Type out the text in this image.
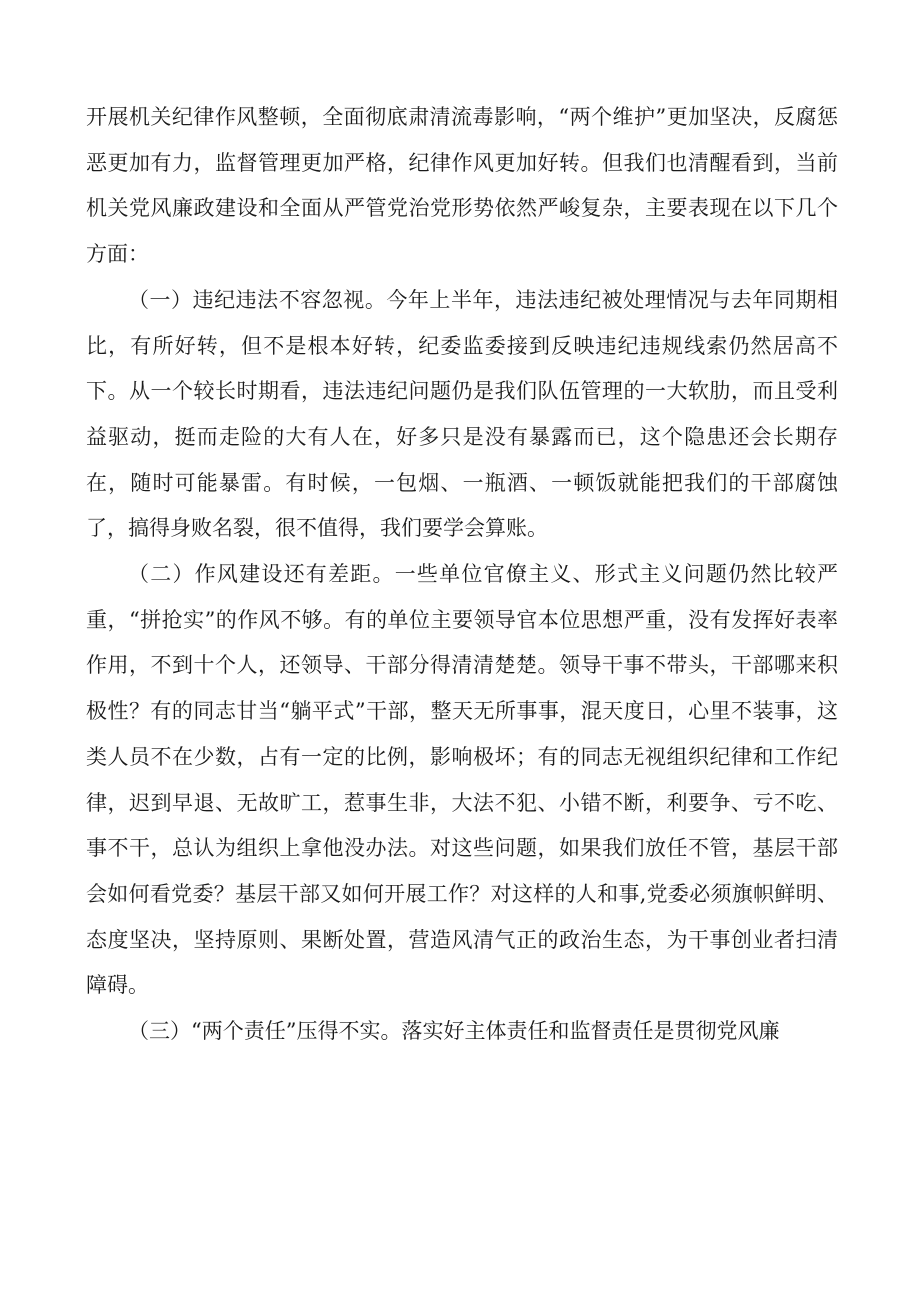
开展机关纪律作风整顿，全面彻底肃清流毒影响，“两个维护”更加坚决，反腐惩恶更加有力，监督管理更加严格，纪律作风更加好转。但我们也清醒看到，当前机关党风廉政建设和全面从严管党治党形势依然严峻复杂，主要表现在以下几个方面：

（一）违纪违法不容忽视。今年上半年，违法违纪被处理情况与去年同期相比，有所好转，但不是根本好转，纪委监委接到反映违纪违规线索仍然居高不下。从一个较长时期看，违法违纪问题仍是我们队伍管理的一大软肋，而且受利益驱动，挺而走险的大有人在，好多只是没有暴露而已，这个隐患还会长期存在，随时可能暴雷。有时候，一包烟、一瓶酒、一顿饭就能把我们的干部腐蚀了，搞得身败名裂，很不值得，我们要学会算账。

（二）作风建设还有差距。一些单位官僚主义、形式主义问题仍然比较严重，“拼抢实”的作风不够。有的单位主要领导官本位思想严重，没有发挥好表率作用，不到十个人，还领导、干部分得清清楚楚。领导干事不带头，干部哪来积极性？有的同志甘当“躺平式”干部，整天无所事事，混天度日，心里不装事，这类人员不在少数，占有一定的比例，影响极坏；有的同志无视组织纪律和工作纪律，迟到早退、无故旷工，惹事生非，大法不犯、小错不断，利要争、亏不吃、事不干，总认为组织上拿他没办法。对这些问题，如果我们放任不管，基层干部会如何看党委？基层干部又如何开展工作？对这样的人和事,党委必须旗帜鲜明、态度坚决，坚持原则、果断处置，营造风清气正的政治生态，为干事创业者扫清障碍。

（三）“两个责任”压得不实。落实好主体责任和监督责任是贯彻党风廉
